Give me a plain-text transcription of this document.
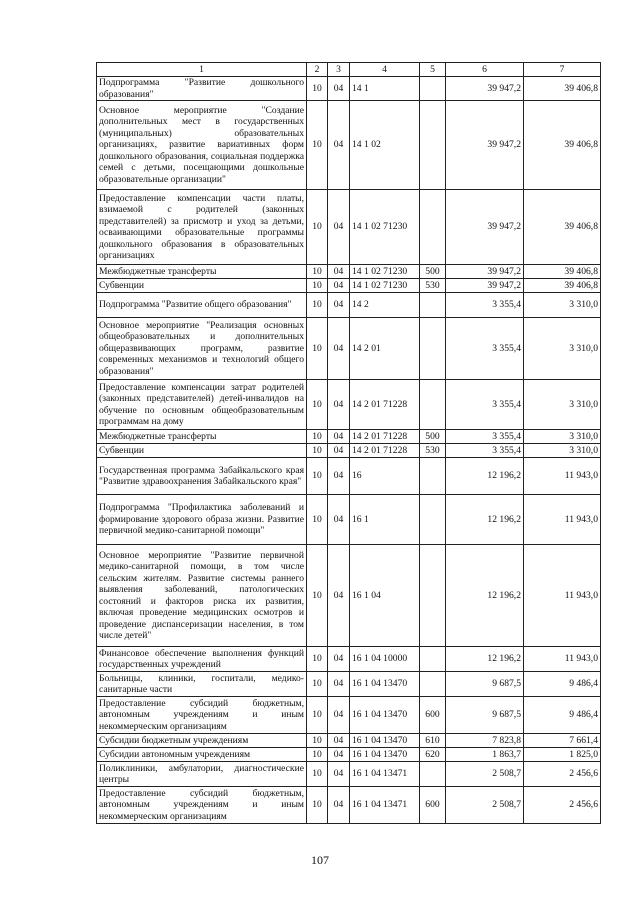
1	2	3	4	5	6	7
Подпрограмма "Развитие дошкольного образования"	10	04	14 1		39 947,2	39 406,8
Основное мероприятие "Создание дополнительных мест в государственных (муниципальных) образовательных организациях, развитие вариативных форм дошкольного образования, социальная поддержка семей с детьми, посещающими дошкольные образовательные организации"	10	04	14 1 02		39 947,2	39 406,8
Предоставление компенсации части платы, взимаемой с родителей (законных представителей) за присмотр и уход за детьми, осваивающими образовательные программы дошкольного образования в образовательных организациях	10	04	14 1 02 71230		39 947,2	39 406,8
Межбюджетные трансферты	10	04	14 1 02 71230	500	39 947,2	39 406,8
Субвенции	10	04	14 1 02 71230	530	39 947,2	39 406,8
Подпрограмма "Развитие общего образования"	10	04	14 2		3 355,4	3 310,0
Основное мероприятие "Реализация основных общеобразовательных и дополнительных общеразвивающих программ, развитие современных механизмов и технологий общего образования"	10	04	14 2 01		3 355,4	3 310,0
Предоставление компенсации затрат родителей (законных представителей) детей-инвалидов на обучение по основным общеобразовательным программам на дому	10	04	14 2 01 71228		3 355,4	3 310,0
Межбюджетные трансферты	10	04	14 2 01 71228	500	3 355,4	3 310,0
Субвенции	10	04	14 2 01 71228	530	3 355,4	3 310,0
Государственная программа Забайкальского края "Развитие здравоохранения Забайкальского края"	10	04	16		12 196,2	11 943,0
Подпрограмма "Профилактика заболеваний и формирование здорового образа жизни. Развитие первичной медико-санитарной помощи"	10	04	16 1		12 196,2	11 943,0
Основное мероприятие "Развитие первичной медико-санитарной помощи, в том числе сельским жителям. Развитие системы раннего выявления заболеваний, патологических состояний и факторов риска их развития, включая проведение медицинских осмотров и проведение диспансеризации населения, в том числе детей"	10	04	16 1 04		12 196,2	11 943,0
Финансовое обеспечение выполнения функций государственных учреждений	10	04	16 1 04 10000		12 196,2	11 943,0
Больницы, клиники, госпитали, медико-санитарные части	10	04	16 1 04 13470		9 687,5	9 486,4
Предоставление субсидий бюджетным, автономным учреждениям и иным некоммерческим организациям	10	04	16 1 04 13470	600	9 687,5	9 486,4
Субсидии бюджетным учреждениям	10	04	16 1 04 13470	610	7 823,8	7 661,4
Субсидии автономным учреждениям	10	04	16 1 04 13470	620	1 863,7	1 825,0
Поликлиники, амбулатории, диагностические центры	10	04	16 1 04 13471		2 508,7	2 456,6
Предоставление субсидий бюджетным, автономным учреждениям и иным некоммерческим организациям	10	04	16 1 04 13471	600	2 508,7	2 456,6
107
